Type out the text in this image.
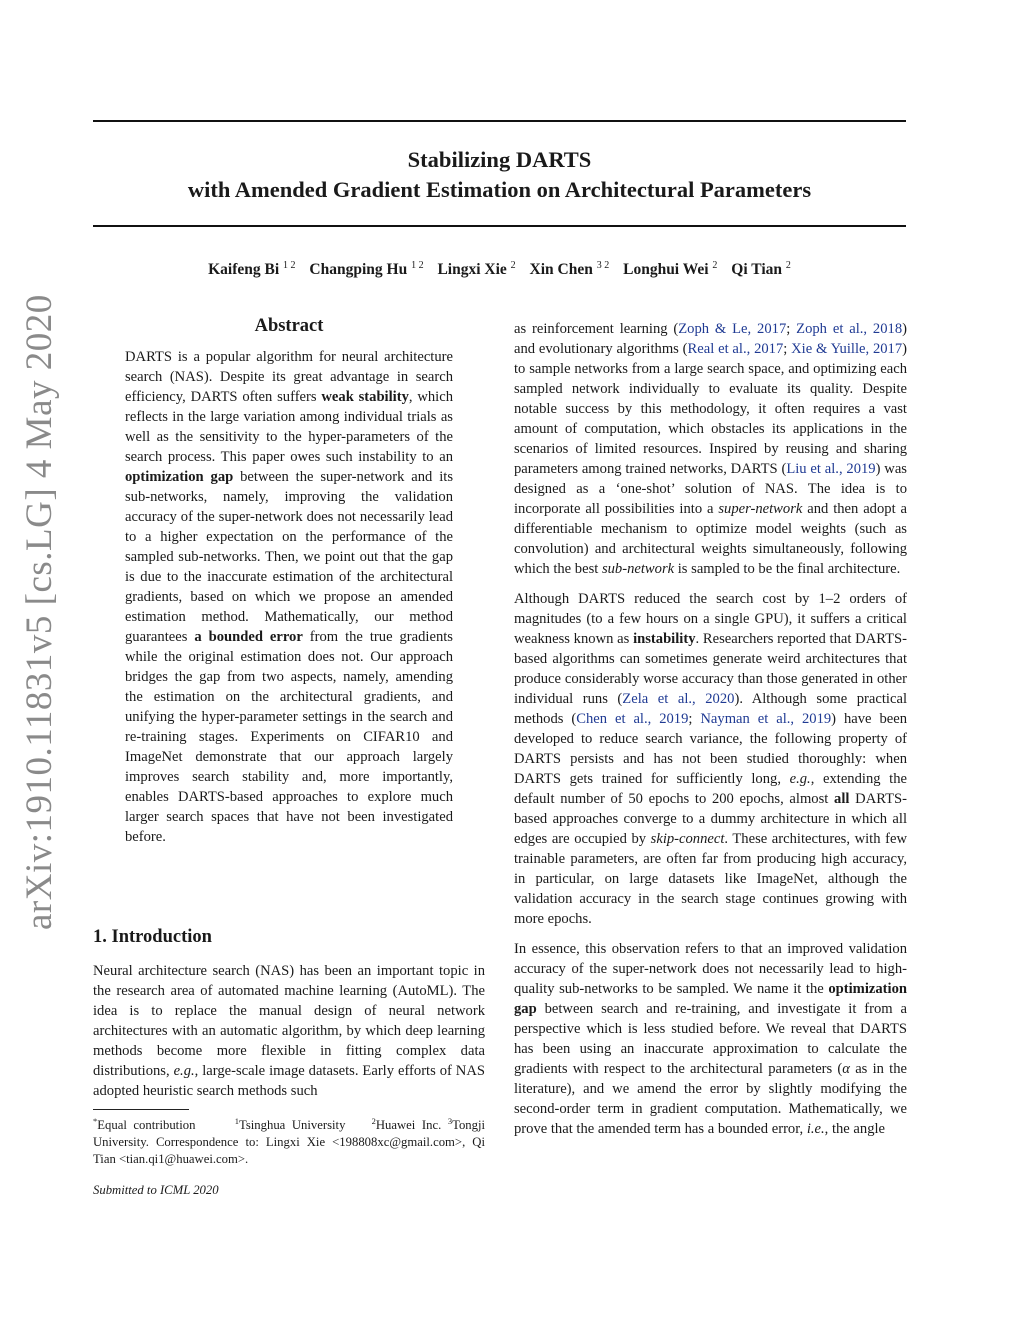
Stabilizing DARTS
with Amended Gradient Estimation on Architectural Parameters
Kaifeng Bi $^{1 2}$ Changping Hu $^{1 2}$ Lingxi Xie $^2$ Xin Chen $^{3 2}$ Longhui Wei $^2$ Qi Tian $^2$
arXiv:1910.11831v5 [cs.LG] 4 May 2020	Abstract
DARTS is a popular algorithm for neural architecture search (NAS). Despite its great advantage in search efficiency, DARTS often suffers weak stability, which reflects in the large variation among individual trials as well as the sensitivity to the hyper-parameters of the search process. This paper owes such instability to an optimization gap between the super-network and its sub-networks, namely, improving the validation accuracy of the super-network does not necessarily lead to a higher expectation on the performance of the sampled sub-networks. Then, we point out that the gap is due to the inaccurate estimation of the architectural gradients, based on which we propose an amended estimation method. Mathematically, our method guarantees a bounded error from the true gradients while the original estimation does not. Our approach bridges the gap from two aspects, namely, amending the estimation on the architectural gradients, and unifying the hyper-parameter settings in the search and re-training stages. Experiments on CIFAR10 and ImageNet demonstrate that our approach largely improves search stability and, more importantly, enables DARTS-based approaches to explore much larger search spaces that have not been investigated before.
1. Introduction
Neural architecture search (NAS) has been an important topic in the research area of automated machine learning (AutoML). The idea is to replace the manual design of neural network architectures with an automatic algorithm, by which deep learning methods become more flexible in fitting complex data distributions, e.g., large-scale image datasets. Early efforts of NAS adopted heuristic search methods such
*Equal contribution	$^1$Tsinghua University	$^2$Huawei Inc. $^3$Tongji University. Correspondence to: Lingxi Xie <198808xc@gmail.com>, Qi Tian <tian.qi1@huawei.com>.
Submitted to ICML 2020

as reinforcement learning (Zoph & Le, 2017; Zoph et al., 2018) and evolutionary algorithms (Real et al., 2017; Xie & Yuille, 2017) to sample networks from a large search space, and optimizing each sampled network individually to evaluate its quality. Despite notable success by this methodology, it often requires a vast amount of computation, which obstacles its applications in the scenarios of limited resources. Inspired by reusing and sharing parameters among trained networks, DARTS (Liu et al., 2019) was designed as a ‘one-shot’ solution of NAS. The idea is to incorporate all possibilities into a super-network and then adopt a differentiable mechanism to optimize model weights (such as convolution) and architectural weights simultaneously, following which the best sub-network is sampled to be the final architecture.

Although DARTS reduced the search cost by 1–2 orders of magnitudes (to a few hours on a single GPU), it suffers a critical weakness known as instability. Researchers reported that DARTS-based algorithms can sometimes generate weird architectures that produce considerably worse accuracy than those generated in other individual runs (Zela et al., 2020). Although some practical methods (Chen et al., 2019; Nayman et al., 2019) have been developed to reduce search variance, the following property of DARTS persists and has not been studied thoroughly: when DARTS gets trained for sufficiently long, e.g., extending the default number of 50 epochs to 200 epochs, almost all DARTS-based approaches converge to a dummy architecture in which all edges are occupied by skip-connect. These architectures, with few trainable parameters, are often far from producing high accuracy, in particular, on large datasets like ImageNet, although the validation accuracy in the search stage continues growing with more epochs.

In essence, this observation refers to that an improved validation accuracy of the super-network does not necessarily lead to high-quality sub-networks to be sampled. We name it the optimization gap between search and re-training, and investigate it from a perspective which is less studied before. We reveal that DARTS has been using an inaccurate approximation to calculate the gradients with respect to the architectural parameters (α as in the literature), and we amend the error by slightly modifying the second-order term in gradient computation. Mathematically, we prove that the amended term has a bounded error, i.e., the angle
